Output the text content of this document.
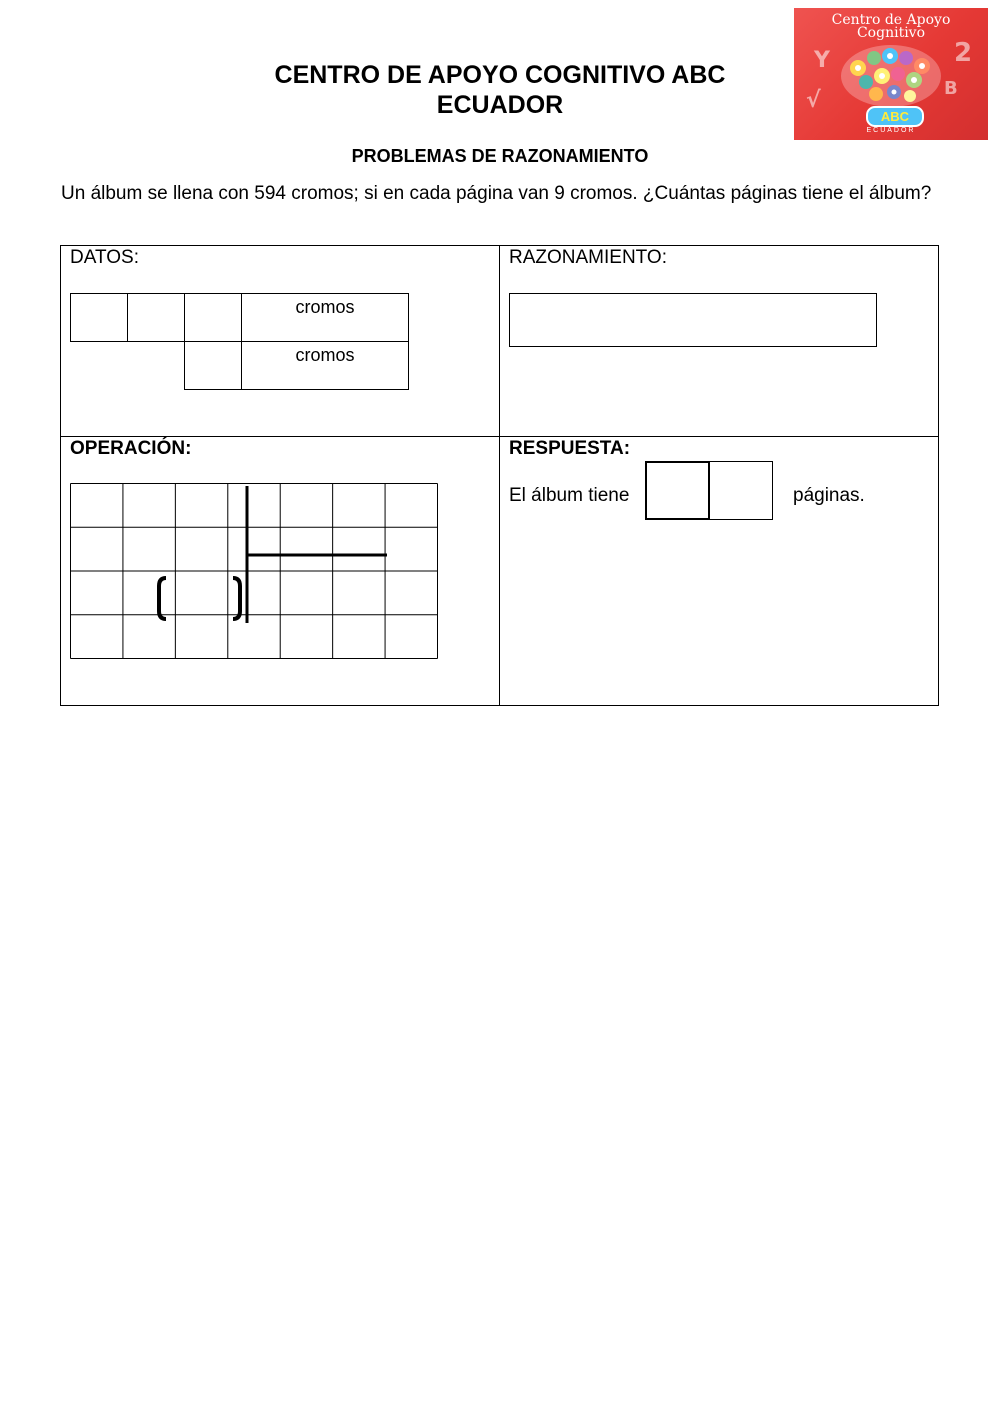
CENTRO DE APOYO COGNITIVO ABC
ECUADOR
PROBLEMAS DE RAZONAMIENTO
Centro de Apoyo
Cognitivo
Y	2
√	B
ABC
ECUADOR
Un álbum se llena con 594 cromos; si en cada página van 9 cromos. ¿Cuántas páginas tiene el álbum?
DATOS:
cromos
cromos
RAZONAMIENTO:
OPERACIÓN:	RESPUESTA:
El álbum tiene	páginas.
